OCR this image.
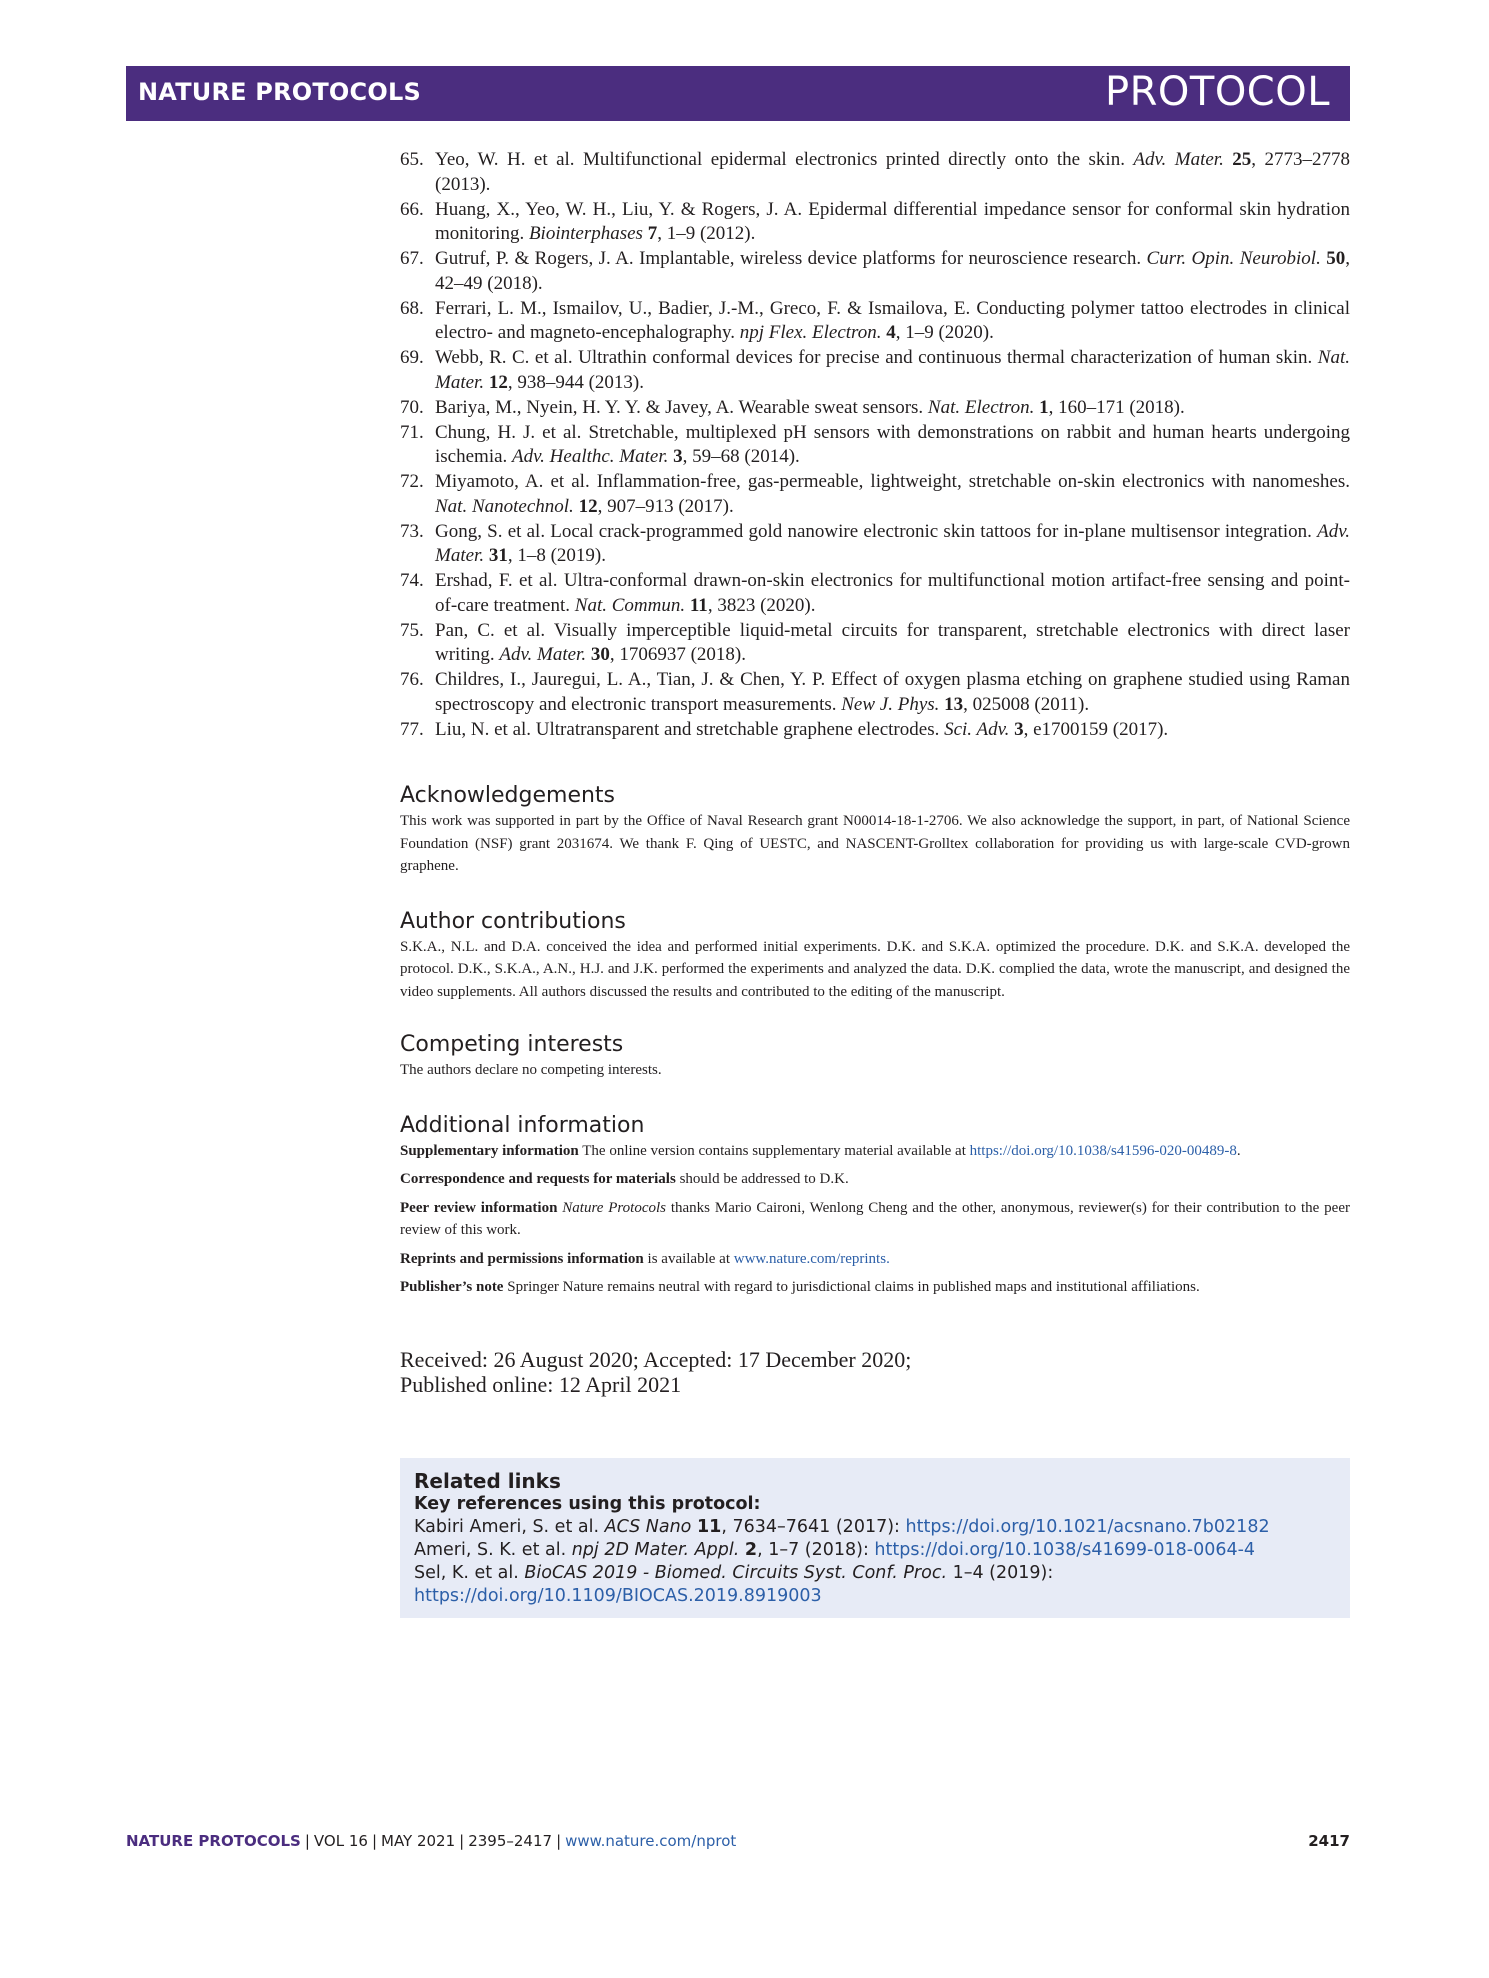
NATURE PROTOCOLS	PROTOCOL
65. Yeo, W. H. et al. Multifunctional epidermal electronics printed directly onto the skin. Adv. Mater. 25, 2773–2778 (2013).
66. Huang, X., Yeo, W. H., Liu, Y. & Rogers, J. A. Epidermal differential impedance sensor for conformal skin hydration monitoring. Biointerphases 7, 1–9 (2012).
67. Gutruf, P. & Rogers, J. A. Implantable, wireless device platforms for neuroscience research. Curr. Opin. Neurobiol. 50, 42–49 (2018).
68. Ferrari, L. M., Ismailov, U., Badier, J.-M., Greco, F. & Ismailova, E. Conducting polymer tattoo electrodes in clinical electro- and magneto-encephalography. npj Flex. Electron. 4, 1–9 (2020).
69. Webb, R. C. et al. Ultrathin conformal devices for precise and continuous thermal characterization of human skin. Nat. Mater. 12, 938–944 (2013).
70. Bariya, M., Nyein, H. Y. Y. & Javey, A. Wearable sweat sensors. Nat. Electron. 1, 160–171 (2018).
71. Chung, H. J. et al. Stretchable, multiplexed pH sensors with demonstrations on rabbit and human hearts undergoing ischemia. Adv. Healthc. Mater. 3, 59–68 (2014).
72. Miyamoto, A. et al. Inflammation-free, gas-permeable, lightweight, stretchable on-skin electronics with nanomeshes. Nat. Nanotechnol. 12, 907–913 (2017).
73. Gong, S. et al. Local crack-programmed gold nanowire electronic skin tattoos for in-plane multisensor integration. Adv. Mater. 31, 1–8 (2019).
74. Ershad, F. et al. Ultra-conformal drawn-on-skin electronics for multifunctional motion artifact-free sensing and point-of-care treatment. Nat. Commun. 11, 3823 (2020).
75. Pan, C. et al. Visually imperceptible liquid-metal circuits for transparent, stretchable electronics with direct laser writing. Adv. Mater. 30, 1706937 (2018).
76. Childres, I., Jauregui, L. A., Tian, J. & Chen, Y. P. Effect of oxygen plasma etching on graphene studied using Raman spectroscopy and electronic transport measurements. New J. Phys. 13, 025008 (2011).
77. Liu, N. et al. Ultratransparent and stretchable graphene electrodes. Sci. Adv. 3, e1700159 (2017).
Acknowledgements

This work was supported in part by the Office of Naval Research grant N00014-18-1-2706. We also acknowledge the support, in part, of National Science Foundation (NSF) grant 2031674. We thank F. Qing of UESTC, and NASCENT-Grolltex collaboration for providing us with large-scale CVD-grown graphene.

Author contributions

S.K.A., N.L. and D.A. conceived the idea and performed initial experiments. D.K. and S.K.A. optimized the procedure. D.K. and S.K.A. developed the protocol. D.K., S.K.A., A.N., H.J. and J.K. performed the experiments and analyzed the data. D.K. complied the data, wrote the manuscript, and designed the video supplements. All authors discussed the results and contributed to the editing of the manuscript.

Competing interests

The authors declare no competing interests.

Additional information

Supplementary information The online version contains supplementary material available at https://doi.org/10.1038/s41596-020-00489-8.

Correspondence and requests for materials should be addressed to D.K.

Peer review information Nature Protocols thanks Mario Caironi, Wenlong Cheng and the other, anonymous, reviewer(s) for their contribution to the peer review of this work.

Reprints and permissions information is available at www.nature.com/reprints.

Publisher’s note Springer Nature remains neutral with regard to jurisdictional claims in published maps and institutional affiliations.

Received: 26 August 2020; Accepted: 17 December 2020;
Published online: 12 April 2021
Related links
Key references using this protocol:
Kabiri Ameri, S. et al. ACS Nano 11, 7634–7641 (2017): https://doi.org/10.1021/acsnano.7b02182
Ameri, S. K. et al. npj 2D Mater. Appl. 2, 1–7 (2018): https://doi.org/10.1038/s41699-018-0064-4
Sel, K. et al. BioCAS 2019 - Biomed. Circuits Syst. Conf. Proc. 1–4 (2019): https://doi.org/10.1109/BIOCAS.2019.8919003
NATURE PROTOCOLS | VOL 16 | MAY 2021 | 2395–2417 | www.nature.com/nprot	2417
